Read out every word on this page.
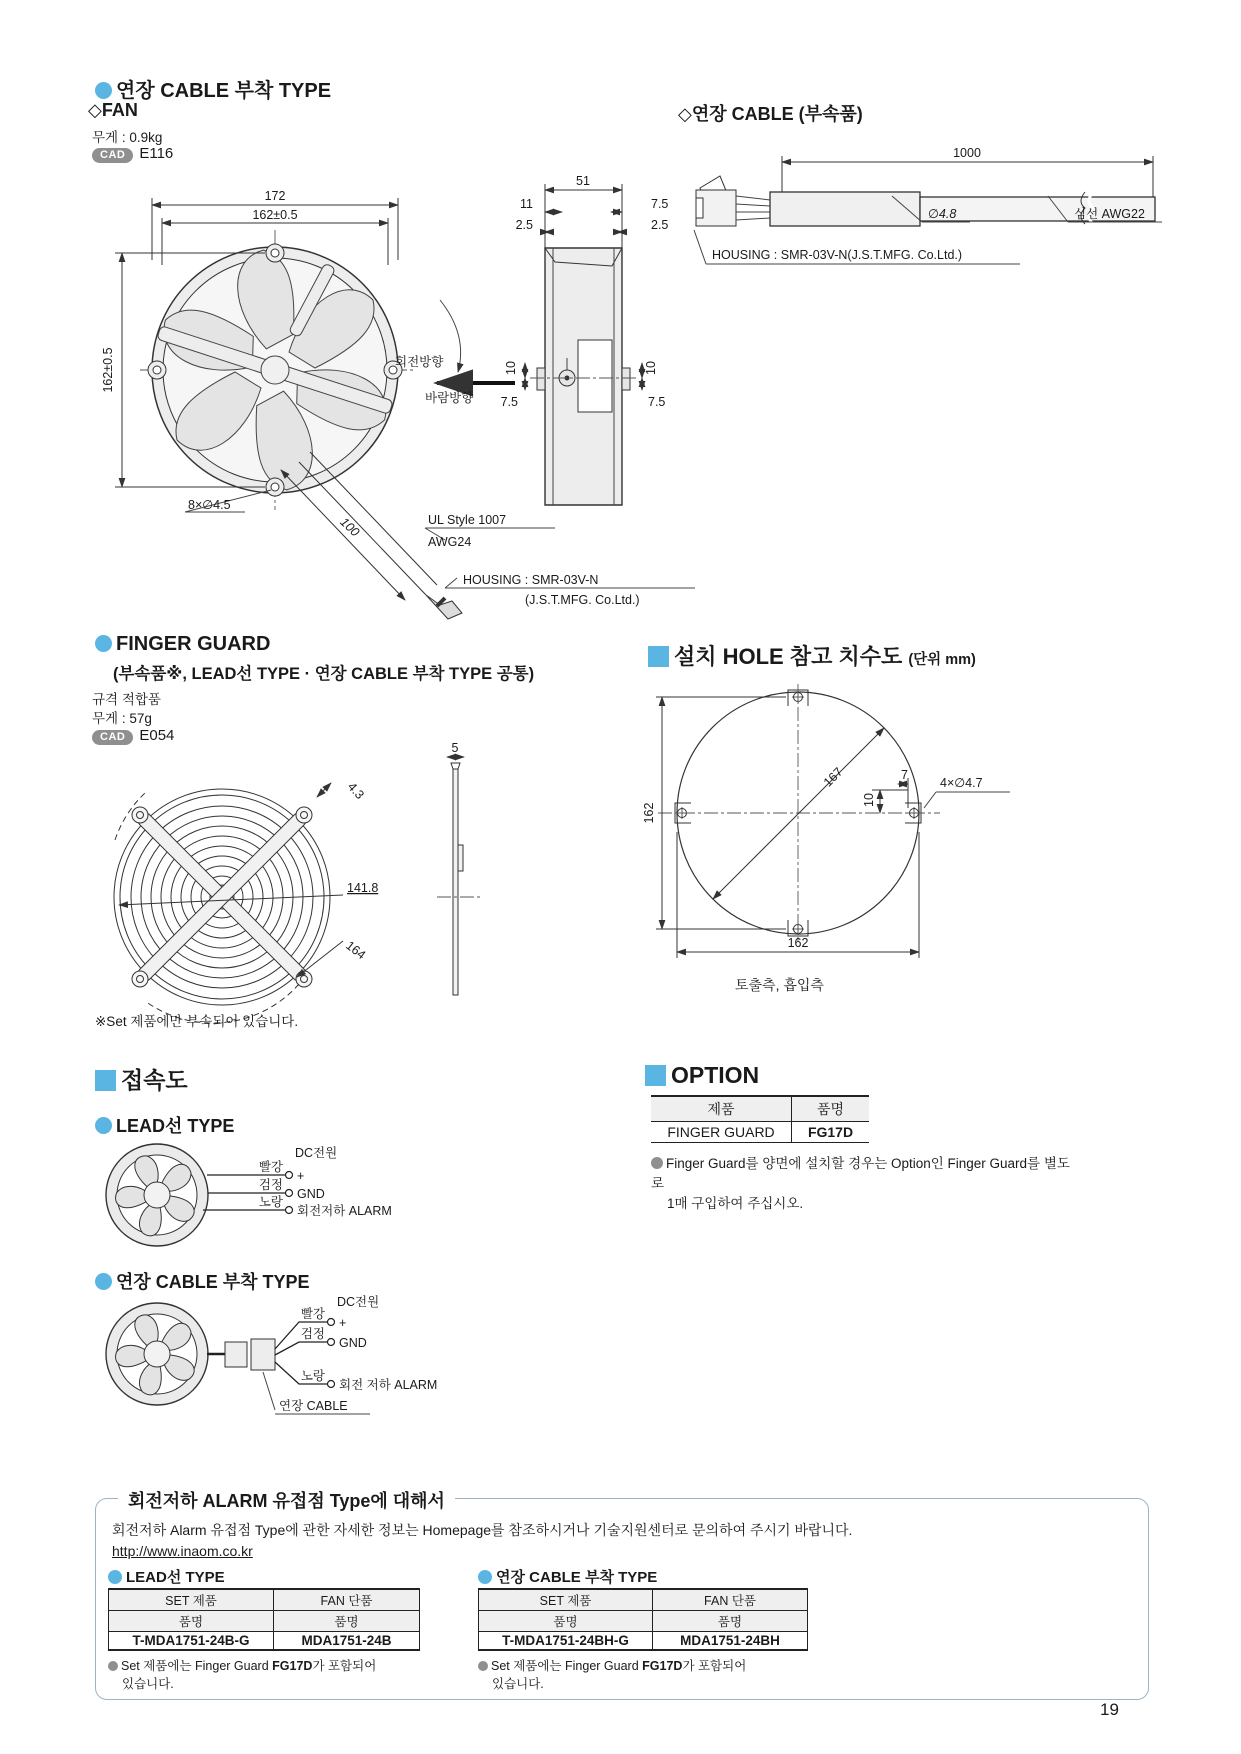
연장 CABLE 부착 TYPE
◇FAN
무게 : 0.9kg
CAD E116
172
162±0.5
162±0.5
8×∅4.5
100	UL Style 1007
AWG24
HOUSING : SMR-03V-N
(J.S.T.MFG. Co.Ltd.)
회전방향
바람방향
51
11	7.5
2.5	2.5
10	10
7.5	7.5
◇연장 CABLE (부속품)
1000
∅4.8	심선 AWG22
HOUSING : SMR-03V-N(J.S.T.MFG. Co.Ltd.)
FINGER GUARD
(부속품※, LEAD선 TYPE · 연장 CABLE 부착 TYPE 공통)
규격 적합품
무게 : 57g
CAD E054
4.3
141.8
164
5
※Set 제품에만 부속되어 있습니다.
설치 HOLE 참고 치수도 (단위 mm)
167
162
162
10
7
4×∅4.7
토출측, 흡입측
접속도
LEAD선 TYPE
빨강
검정
노랑
+
GND
회전저하 ALARM
DC전원
연장 CABLE 부착 TYPE
빨강
검정
노랑
+
GND
회전 저하 ALARM
DC전원
연장 CABLE
OPTION
제품	품명
FINGER GUARD	FG17D
Finger Guard를 양면에 설치할 경우는 Option인 Finger Guard를 별도로
1매 구입하여 주십시오.
회전저하 ALARM 유접점 Type에 대해서
회전저하 Alarm 유접점 Type에 관한 자세한 정보는 Homepage를 참조하시거나 기술지원센터로 문의하여 주시기 바랍니다.
http://www.inaom.co.kr
LEAD선 TYPE
SET 제품	FAN 단품
품명	품명
T-MDA1751-24B-G	MDA1751-24B
Set 제품에는 Finger Guard FG17D가 포함되어
있습니다.
연장 CABLE 부착 TYPE
SET 제품	FAN 단품
품명	품명
T-MDA1751-24BH-G	MDA1751-24BH
Set 제품에는 Finger Guard FG17D가 포함되어
있습니다.
19
